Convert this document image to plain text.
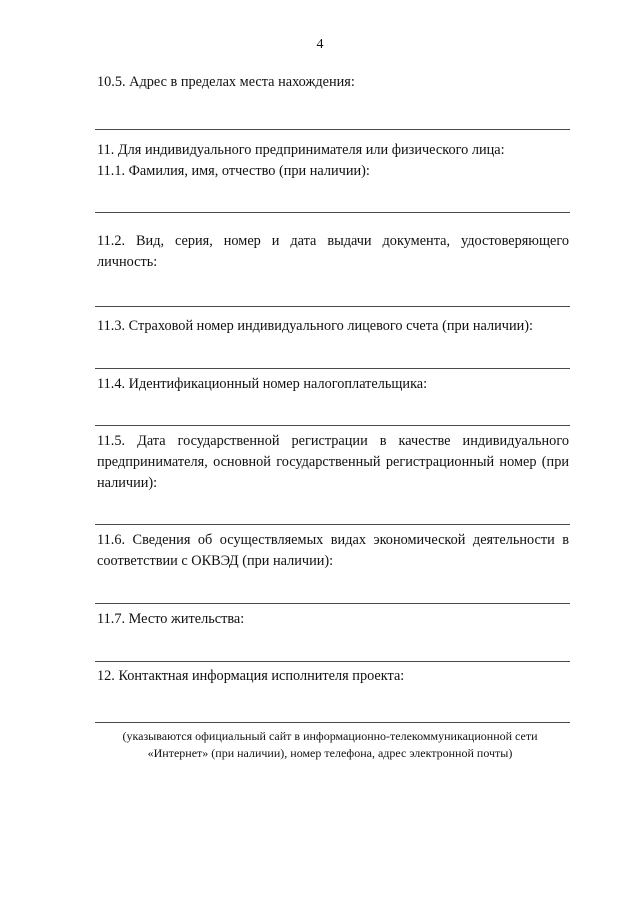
4

10.5. Адрес в пределах места нахождения:

11. Для индивидуального предпринимателя или физического лица:

11.1. Фамилия, имя, отчество (при наличии):

11.2. Вид, серия, номер и дата выдачи документа, удостоверяющего личность:

11.3. Страховой номер индивидуального лицевого счета (при наличии):

11.4. Идентификационный номер налогоплательщика:

11.5. Дата государственной регистрации в качестве индивидуального предпринимателя, основной государственный регистрационный номер (при наличии):

11.6. Сведения об осуществляемых видах экономической деятельности в соответствии с ОКВЭД (при наличии):

11.7. Место жительства:

12. Контактная информация исполнителя проекта:

(указываются официальный сайт в информационно-телекоммуникационной сети
«Интернет» (при наличии), номер телефона, адрес электронной почты)
